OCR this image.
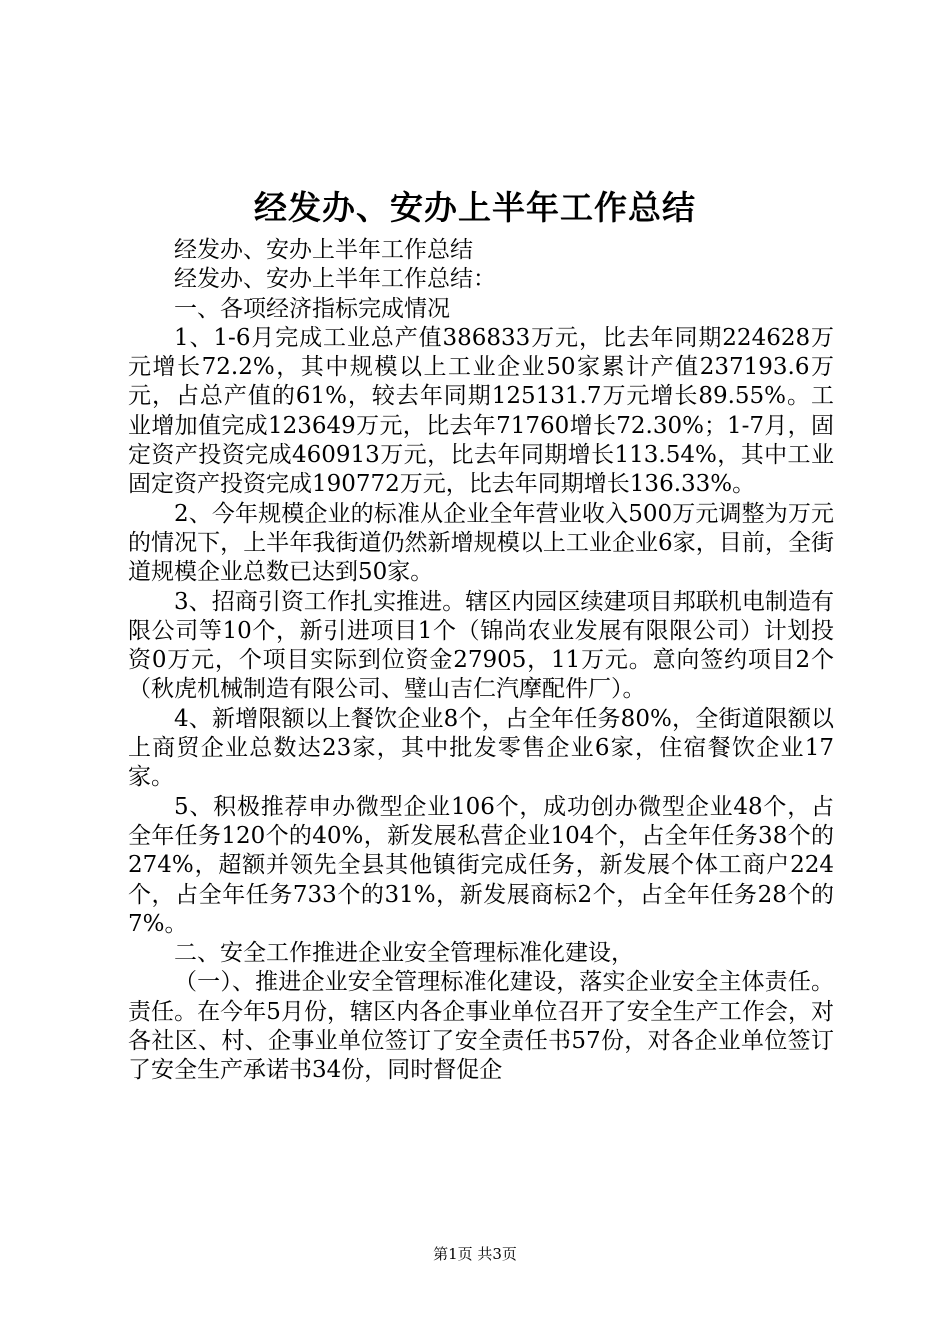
经发办、安办上半年工作总结

经发办、安办上半年工作总结

经发办、安办上半年工作总结：

一、各项经济指标完成情况

1、1-6月完成工业总产值386833万元，比去年同期224628万元增长72.2%，其中规模以上工业企业50家累计产值237193.6万元，占总产值的61%，较去年同期125131.7万元增长89.55%。工业增加值完成123649万元，比去年71760增长72.30%；1-7月，固定资产投资完成460913万元，比去年同期增长113.54%，其中工业固定资产投资完成190772万元，比去年同期增长136.33%。

2、今年规模企业的标准从企业全年营业收入500万元调整为万元的情况下，上半年我街道仍然新增规模以上工业企业6家，目前，全街道规模企业总数已达到50家。

3、招商引资工作扎实推进。辖区内园区续建项目邦联机电制造有限公司等10个，新引进项目1个（锦尚农业发展有限限公司）计划投资0万元，个项目实际到位资金27905，11万元。意向签约项目2个（秋虎机械制造有限公司、璧山吉仁汽摩配件厂）。

4、新增限额以上餐饮企业8个，占全年任务80%，全街道限额以上商贸企业总数达23家，其中批发零售企业6家，住宿餐饮企业17家。

5、积极推荐申办微型企业106个，成功创办微型企业48个，占全年任务120个的40%，新发展私营企业104个，占全年任务38个的274%，超额并领先全县其他镇街完成任务，新发展个体工商户224个，占全年任务733个的31%，新发展商标2个，占全年任务28个的7%。

二、安全工作推进企业安全管理标准化建设，

（一）、推进企业安全管理标准化建设，落实企业安全主体责任。责任。在今年5月份，辖区内各企事业单位召开了安全生产工作会，对各社区、村、企事业单位签订了安全责任书57份，对各企业单位签订了安全生产承诺书34份，同时督促企

第1页 共3页
